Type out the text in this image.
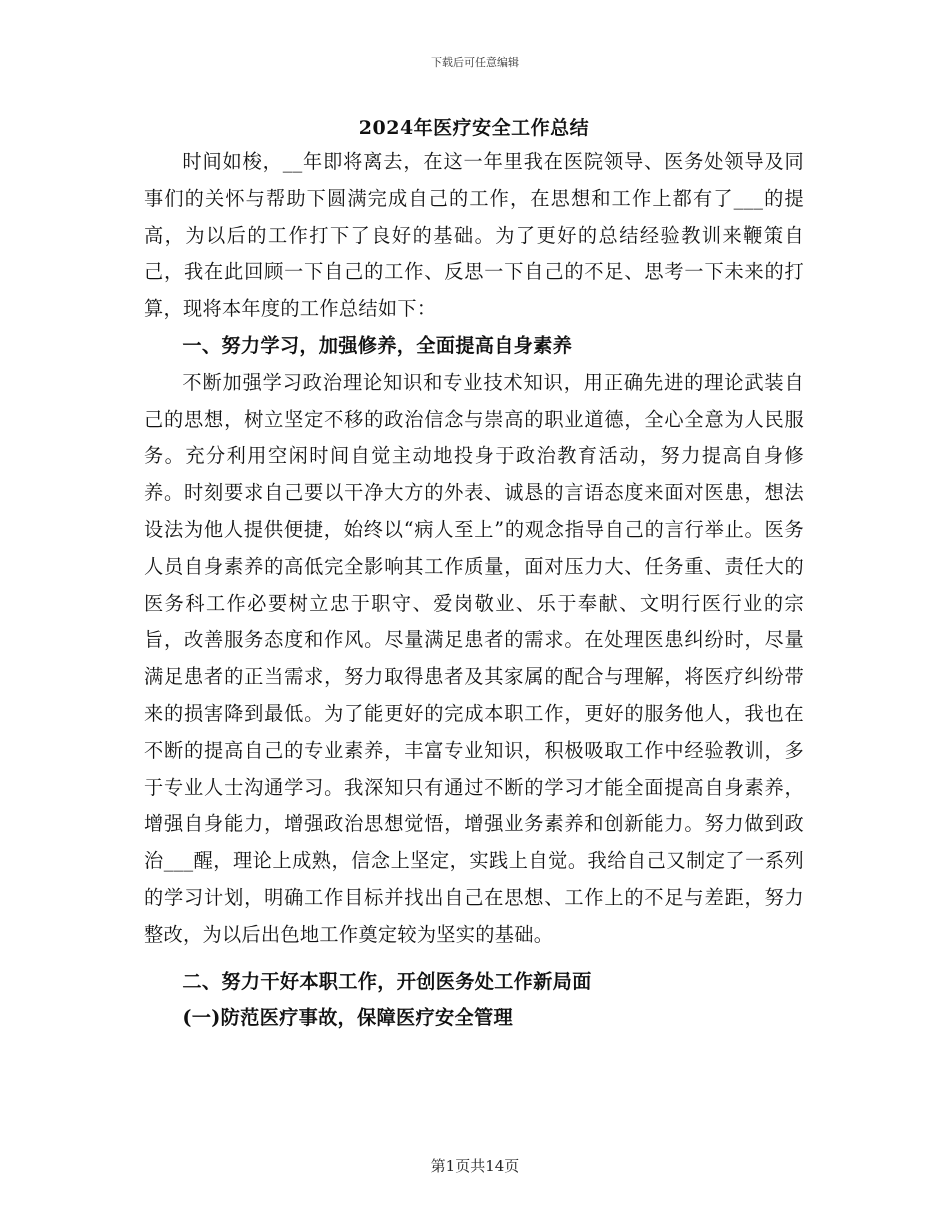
下载后可任意编辑

2024年医疗安全工作总结

时间如梭，__年即将离去，在这一年里我在医院领导、医务处领导及同事们的关怀与帮助下圆满完成自己的工作，在思想和工作上都有了___的提高，为以后的工作打下了良好的基础。为了更好的总结经验教训来鞭策自己，我在此回顾一下自己的工作、反思一下自己的不足、思考一下未来的打算，现将本年度的工作总结如下：

一、努力学习，加强修养，全面提高自身素养

不断加强学习政治理论知识和专业技术知识，用正确先进的理论武装自己的思想，树立坚定不移的政治信念与崇高的职业道德，全心全意为人民服务。充分利用空闲时间自觉主动地投身于政治教育活动，努力提高自身修养。时刻要求自己要以干净大方的外表、诚恳的言语态度来面对医患，想法设法为他人提供便捷，始终以“病人至上”的观念指导自己的言行举止。医务人员自身素养的高低完全影响其工作质量，面对压力大、任务重、责任大的医务科工作必要树立忠于职守、爱岗敬业、乐于奉献、文明行医行业的宗旨，改善服务态度和作风。尽量满足患者的需求。在处理医患纠纷时，尽量满足患者的正当需求，努力取得患者及其家属的配合与理解，将医疗纠纷带来的损害降到最低。为了能更好的完成本职工作，更好的服务他人，我也在不断的提高自己的专业素养，丰富专业知识，积极吸取工作中经验教训，多于专业人士沟通学习。我深知只有通过不断的学习才能全面提高自身素养，增强自身能力，增强政治思想觉悟，增强业务素养和创新能力。努力做到政治___醒，理论上成熟，信念上坚定，实践上自觉。我给自己又制定了一系列的学习计划，明确工作目标并找出自己在思想、工作上的不足与差距，努力整改，为以后出色地工作奠定较为坚实的基础。

二、努力干好本职工作，开创医务处工作新局面

(一)防范医疗事故，保障医疗安全管理

第1页共14页
